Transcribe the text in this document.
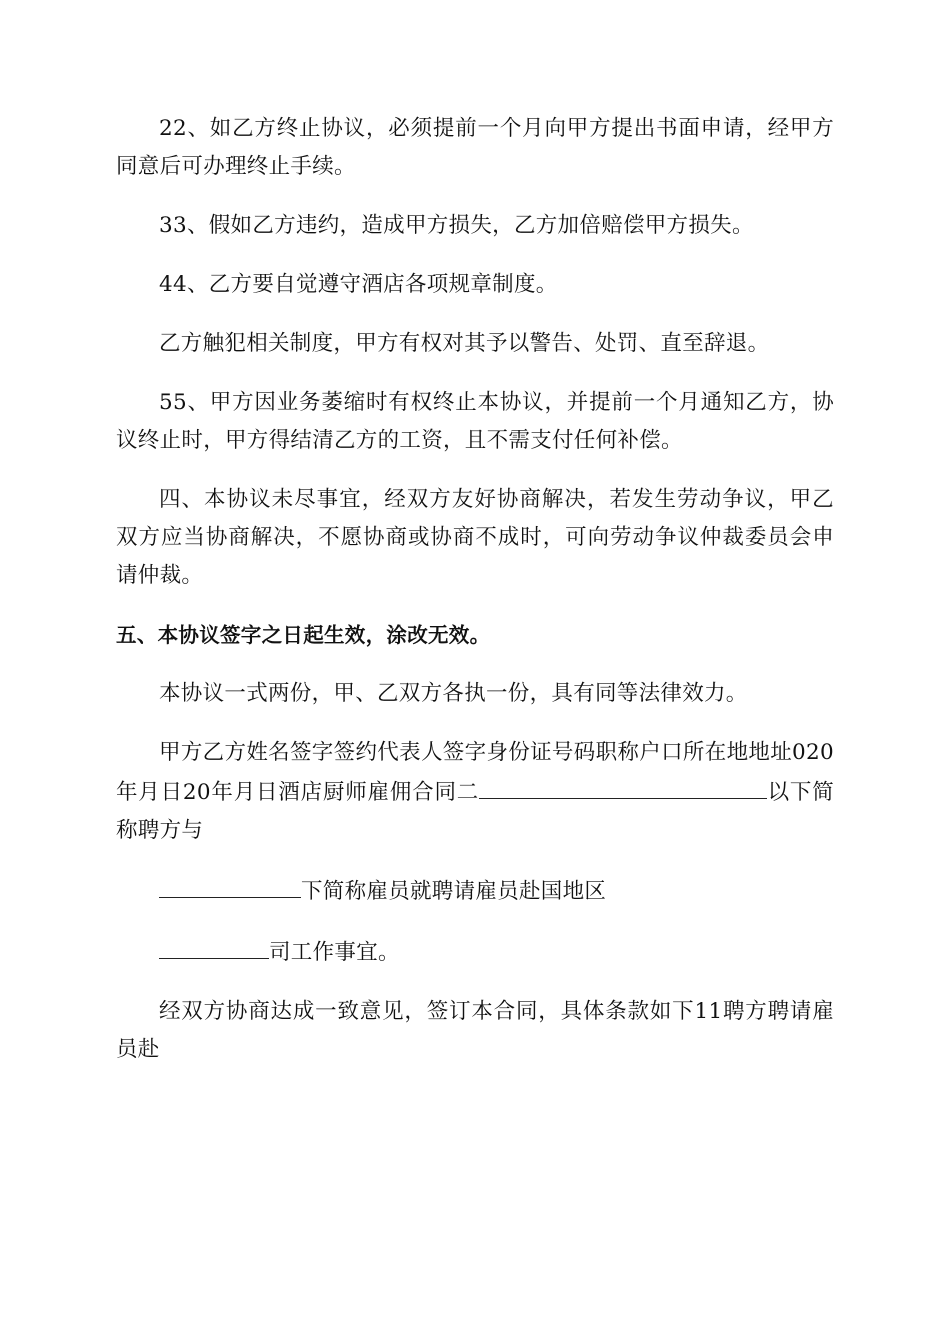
22、如乙方终止协议，必须提前一个月向甲方提出书面申请，经甲方同意后可办理终止手续。

33、假如乙方违约，造成甲方损失，乙方加倍赔偿甲方损失。

44、乙方要自觉遵守酒店各项规章制度。

乙方触犯相关制度，甲方有权对其予以警告、处罚、直至辞退。

55、甲方因业务萎缩时有权终止本协议，并提前一个月通知乙方，协议终止时，甲方得结清乙方的工资，且不需支付任何补偿。

四、本协议未尽事宜，经双方友好协商解决，若发生劳动争议，甲乙双方应当协商解决，不愿协商或协商不成时，可向劳动争议仲裁委员会申请仲裁。

五、本协议签字之日起生效，涂改无效。

本协议一式两份，甲、乙双方各执一份，具有同等法律效力。

甲方乙方姓名签字签约代表人签字身份证号码职称户口所在地地址020年月日20年月日酒店厨师雇佣合同二	以下简称聘方与

下简称雇员就聘请雇员赴国地区

司工作事宜。

经双方协商达成一致意见，签订本合同，具体条款如下11聘方聘请雇员赴
